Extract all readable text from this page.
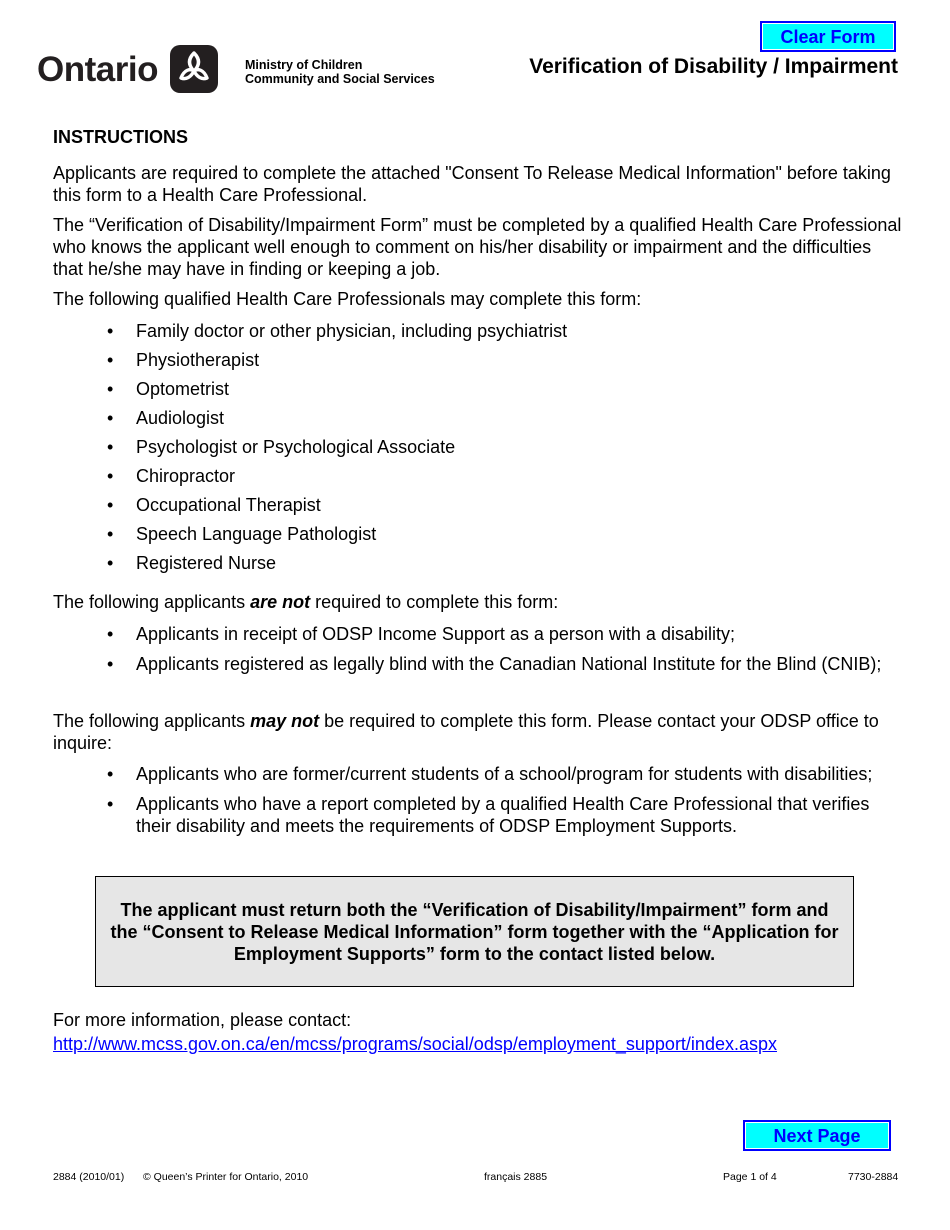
Ontario	Ministry of Children
Community and Social Services
Verification of Disability / Impairment
Clear Form
INSTRUCTIONS
Applicants are required to complete the attached "Consent To Release Medical Information" before taking this form to a Health Care Professional.
The “Verification of Disability/Impairment Form” must be completed by a qualified Health Care Professional who knows the applicant well enough to comment on his/her disability or impairment and the difficulties that he/she may have in finding or keeping a job.
The following qualified Health Care Professionals may complete this form:
• Family doctor or other physician, including psychiatrist
• Physiotherapist
• Optometrist
• Audiologist
• Psychologist or Psychological Associate
• Chiropractor
• Occupational Therapist
• Speech Language Pathologist
• Registered Nurse
The following applicants are not required to complete this form:
• Applicants in receipt of ODSP Income Support as a person with a disability;
• Applicants registered as legally blind with the Canadian National Institute for the Blind (CNIB);
The following applicants may not be required to complete this form. Please contact your ODSP office to inquire:
• Applicants who are former/current students of a school/program for students with disabilities;
• Applicants who have a report completed by a qualified Health Care Professional that verifies their disability and meets the requirements of ODSP Employment Supports.
The applicant must return both the “Verification of Disability/Impairment” form and the “Consent to Release Medical Information” form together with the “Application for Employment Supports” form to the contact listed below.
For more information, please contact:
http://www.mcss.gov.on.ca/en/mcss/programs/social/odsp/employment_support/index.aspx
Next Page
2884 (2010/01) © Queen’s Printer for Ontario, 2010	français 2885	Page 1 of 4	7730-2884
